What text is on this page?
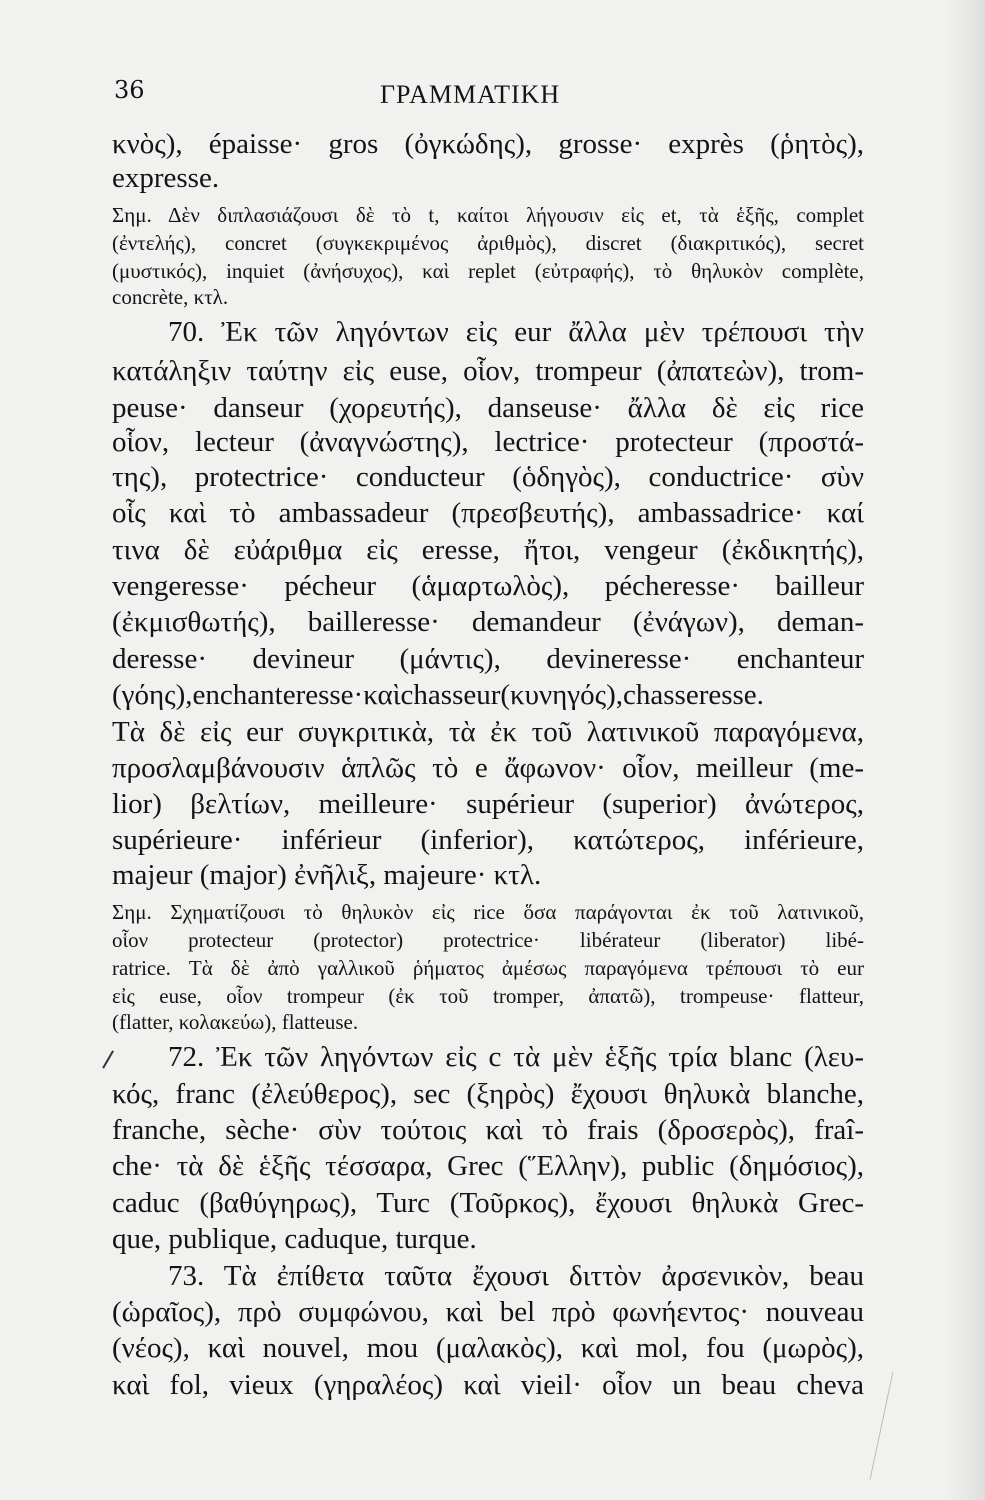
36	ΓΡΑΜΜΑΤΙΚΗ

κνὸς), épaisse· gros (ὀγκώδης), grosse· exprès (ῥητὸς),

expresse.

Σημ. Δὲν διπλασιάζουσι δὲ τὸ t, καίτοι λήγουσιν εἰς et, τὰ ἑξῆς, complet

(ἐντελής), concret (συγκεκριμένος ἀριθμὸς), discret (διακριτικός), secret

(μυστικός), inquiet (ἀνήσυχος), καὶ replet (εὐτραφής), τὸ θηλυκὸν complète,

concrète, κτλ.

70. Ἐκ τῶν ληγόντων εἰς eur ἄλλα μὲν τρέπουσι τὴν

κατάληξιν ταύτην εἰς euse, οἷον, trompeur (ἀπατεὼν), trom-

peuse· danseur (χορευτής), danseuse· ἄλλα δὲ εἰς rice

οἷον, lecteur (ἀναγνώστης), lectrice· protecteur (προστά-

της), protectrice· conducteur (ὁδηγὸς), conductrice· σὺν

οἷς καὶ τὸ ambassadeur (πρεσβευτής), ambassadrice· καί

τινα δὲ εὐάριθμα εἰς eresse, ἤτοι, vengeur (ἐκδικητής),

vengeresse· pécheur (ἁμαρτωλὸς), pécheresse· bailleur

(ἐκμισθωτής), bailleresse· demandeur (ἐνάγων), deman-

deresse· devineur (μάντις), devineresse· enchanteur

(γόης),enchanteresse·καὶchasseur(κυνηγός),chasseresse.

Τὰ δὲ εἰς eur συγκριτικὰ, τὰ ἐκ τοῦ λατινικοῦ παραγόμενα,

προσλαμβάνουσιν ἁπλῶς τὸ e ἄφωνον· οἷον, meilleur (me-

lior) βελτίων, meilleure· supérieur (superior) ἀνώτερος,

supérieure· inférieur (inferior), κατώτερος, inférieure,

majeur (major) ἐνῆλιξ, majeure· κτλ.

Σημ. Σχηματίζουσι τὸ θηλυκὸν εἰς rice ὅσα παράγονται ἐκ τοῦ λατινικοῦ,

οἷον protecteur (protector) protectrice· libérateur (liberator) libé-

ratrice. Τὰ δὲ ἀπὸ γαλλικοῦ ῥήματος ἀμέσως παραγόμενα τρέπουσι τὸ eur

εἰς euse, οἷον trompeur (ἐκ τοῦ tromper, ἀπατῶ), trompeuse· flatteur,

(flatter, κολακεύω), flatteuse.

72. Ἐκ τῶν ληγόντων εἰς c τὰ μὲν ἑξῆς τρία blanc (λευ-

κός, franc (ἐλεύθερος), sec (ξηρὸς) ἔχουσι θηλυκὰ blanche,

franche, sèche· σὺν τούτοις καὶ τὸ frais (δροσερὸς), fraî-

che· τὰ δὲ ἑξῆς τέσσαρα, Grec (Ἕλλην), public (δημόσιος),

caduc (βαθύγηρως), Turc (Τοῦρκος), ἔχουσι θηλυκὰ Grec-

que, publique, caduque, turque.

73. Τὰ ἐπίθετα ταῦτα ἔχουσι διττὸν ἀρσενικὸν, beau

(ὡραῖος), πρὸ συμφώνου, καὶ bel πρὸ φωνήεντος· nouveau

(νέος), καὶ nouvel, mou (μαλακὸς), καὶ mol, fou (μωρὸς),

καὶ fol, vieux (γηραλέος) καὶ vieil· οἷον un beau cheva
